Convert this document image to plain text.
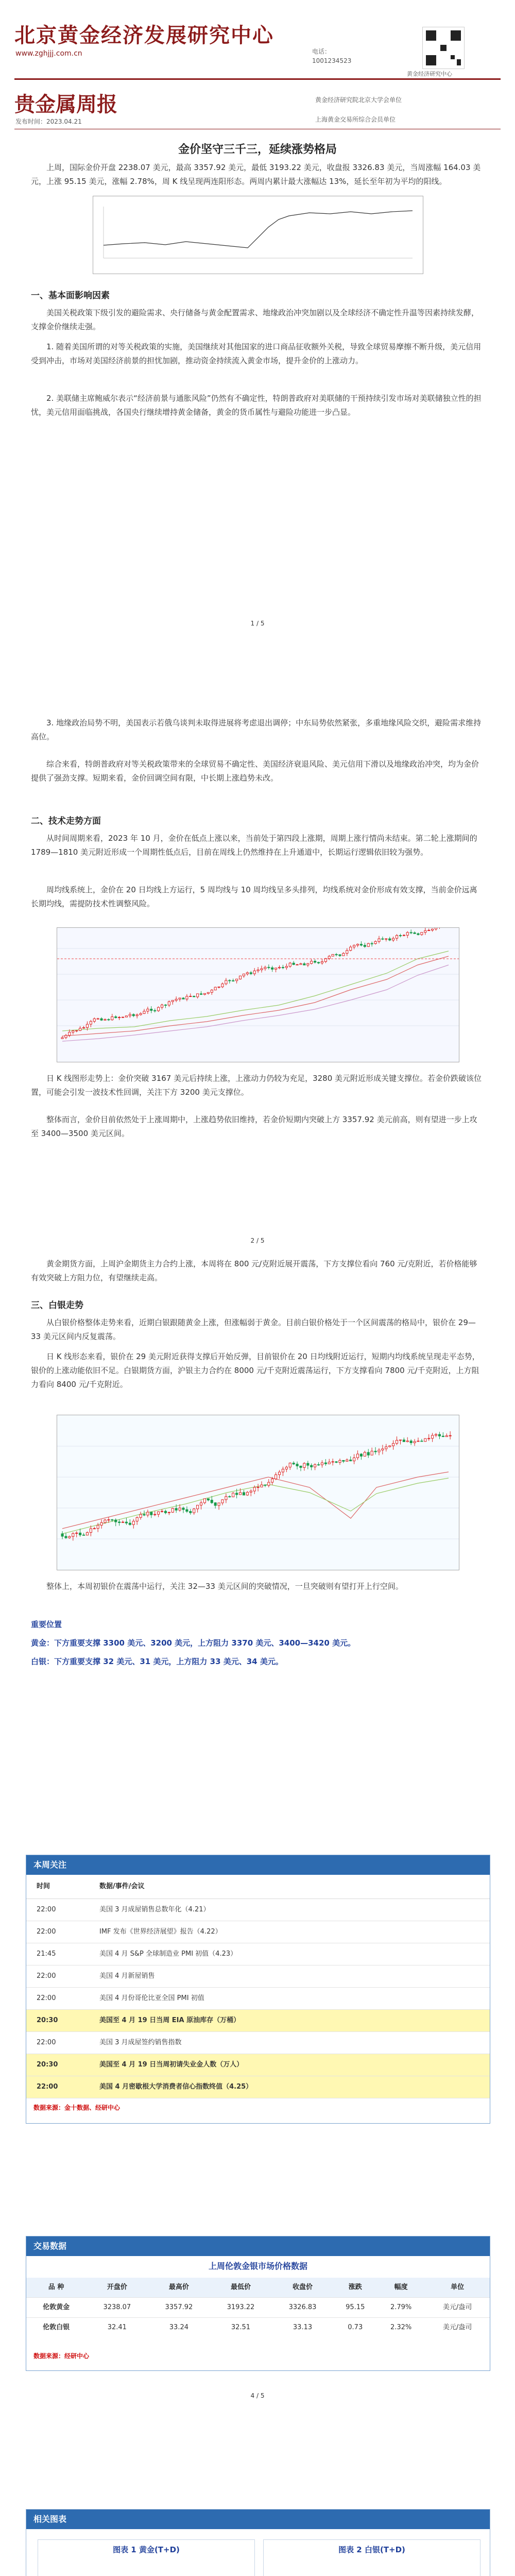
北京黄金经济发展研究中心
www.zghjjj.com.cn	电话：
1001234523
黄金经济研究中心
贵金属周报
发布时间：2023.04.21
黄金经济研究院北京大学会单位
上海黄金交易所综合会员单位
金价坚守三千三，延续涨势格局

上周，国际金价开盘 2238.07 美元，最高 3357.92 美元，最低 3193.22 美元，收盘报 3326.83 美元，当周涨幅 164.03 美元，上涨 95.15 美元，涨幅 2.78%，周 K 线呈现两连阳形态。两周内累计最大涨幅达 13%，延长至年初为平均的阳线。

一、基本面影响因素

美国关税政策下级引发的避险需求、央行储备与黄金配置需求、地缘政治冲突加剧以及全球经济不确定性升温等因素持续发酵，支撑金价继续走强。

1. 随着美国所谓的对等关税政策的实施，美国继续对其他国家的进口商品征收额外关税，导致全球贸易摩擦不断升级，美元信用受到冲击，市场对美国经济前景的担忧加剧，推动资金持续流入黄金市场，提升金价的上涨动力。

2. 美联储主席鲍威尔表示“经济前景与通胀风险”仍然有不确定性，特朗普政府对美联储的干预持续引发市场对美联储独立性的担忧，美元信用面临挑战，各国央行继续增持黄金储备，黄金的货币属性与避险功能进一步凸显。

1 / 5

3. 地缘政治局势不明，美国表示若俄乌谈判未取得进展将考虑退出调停；中东局势依然紧张，多重地缘风险交织，避险需求维持高位。

综合来看，特朗普政府对等关税政策带来的全球贸易不确定性、美国经济衰退风险、美元信用下滑以及地缘政治冲突，均为金价提供了强劲支撑。短期来看，金价回调空间有限，中长期上涨趋势未改。

二、技术走势方面

从时间周期来看，2023 年 10 月，金价在低点上涨以来，当前处于第四段上涨期，周期上涨行情尚未结束。第二轮上涨期间的 1789—1810 美元附近形成一个周期性低点后，目前在周线上仍然维持在上升通道中，长期运行逻辑依旧较为强势。

周均线系统上，金价在 20 日均线上方运行，5 周均线与 10 周均线呈多头排列，均线系统对金价形成有效支撑，当前金价远离长期均线，需提防技术性调整风险。

日 K 线图形走势上：金价突破 3167 美元后持续上涨，上涨动力仍较为充足，3280 美元附近形成关键支撑位。若金价跌破该位置，可能会引发一波技术性回调，关注下方 3200 美元支撑位。

整体而言，金价目前依然处于上涨周期中，上涨趋势依旧维持，若金价短期内突破上方 3357.92 美元前高，则有望进一步上攻至 3400—3500 美元区间。

2 / 5

黄金期货方面，上周沪金期货主力合约上涨，本周将在 800 元/克附近展开震荡，下方支撑位看向 760 元/克附近，若价格能够有效突破上方阻力位，有望继续走高。

三、白银走势

从白银价格整体走势来看，近期白银跟随黄金上涨，但涨幅弱于黄金。目前白银价格处于一个区间震荡的格局中，银价在 29—33 美元区间内反复震荡。

日 K 线形态来看，银价在 29 美元附近获得支撑后开始反弹，目前银价在 20 日均线附近运行，短期内均线系统呈现走平态势，银价的上涨动能依旧不足。白银期货方面，沪银主力合约在 8000 元/千克附近震荡运行，下方支撑看向 7800 元/千克附近，上方阻力看向 8400 元/千克附近。

整体上，本周初银价在震荡中运行，关注 32—33 美元区间的突破情况，一旦突破则有望打开上行空间。

重要位置
黄金：下方重要支撑 3300 美元、3200 美元，上方阻力 3370 美元、3400—3420 美元。
白银：下方重要支撑 32 美元、31 美元，上方阻力 33 美元、34 美元。
本周关注
时间	数据/事件/会议
22:00	美国 3 月成屋销售总数年化（4.21）
22:00	IMF 发布《世界经济展望》报告（4.22）
21:45	美国 4 月 S&P 全球制造业 PMI 初值（4.23）
22:00	美国 4 月新屋销售
22:00	美国 4 月份哥伦比亚全国 PMI 初值
20:30	美国至 4 月 19 日当周 EIA 原油库存（万桶）
22:00	美国 3 月成屋签约销售指数
20:30	美国至 4 月 19 日当周初请失业金人数（万人）
22:00	美国 4 月密歇根大学消费者信心指数终值（4.25）
数据来源：金十数据、经研中心
交易数据
上周伦敦金银市场价格数据
品 种	开盘价	最高价	最低价	收盘价	涨跌	幅度	单位
伦敦黄金	3238.07	3357.92	3193.22	3326.83	95.15	2.79%	美元/盎司
伦敦白银	32.41	33.24	32.51	33.13	0.73	2.32%	美元/盎司
数据来源：经研中心
4 / 5
相关图表
图表 1 黄金(T+D)	图表 2 白银(T+D)
